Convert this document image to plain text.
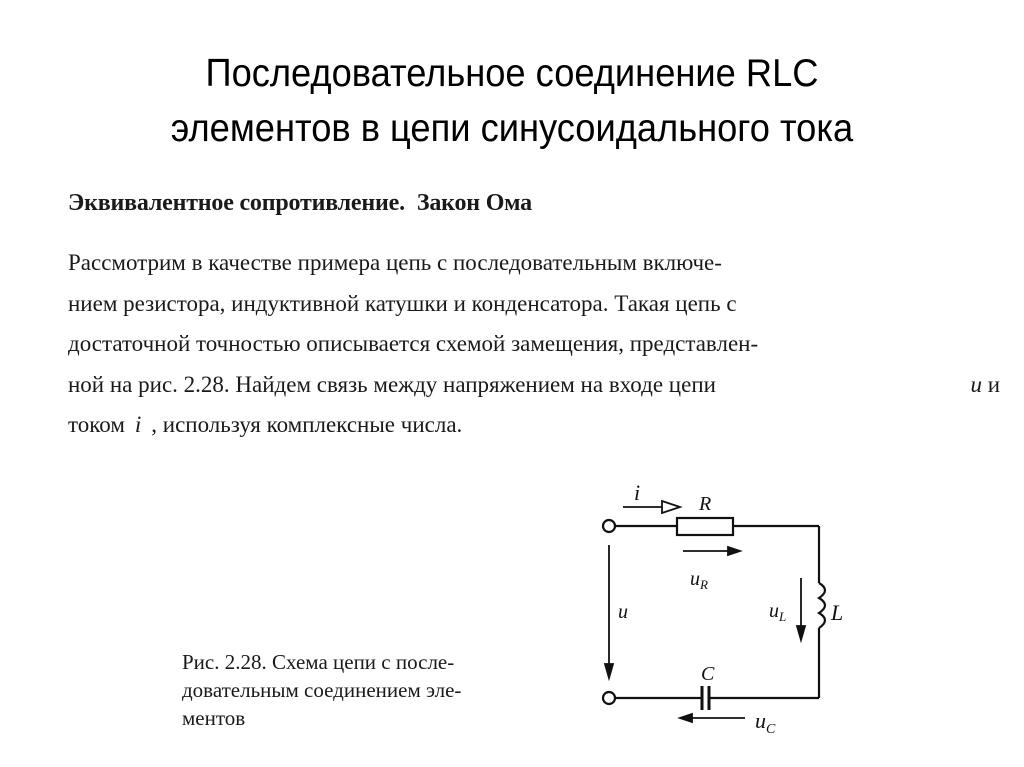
Последовательное соединение RLC
элементов в цепи синусоидального тока
Эквивалентное сопротивление. Закон Ома
Рассмотрим в качестве примера цепь с последовательным включе-
нием резистора, индуктивной катушки и конденсатора. Такая цепь с
достаточной точностью описывается схемой замещения, представлен-
ной на рис. 2.28. Найдем связь между напряжением на входе цепи	u и
током i , используя комплексные числа.
Рис. 2.28. Схема цепи с после-
довательным соединением эле-
ментов
i	R
$u_R$
u	$u_L$ L
C
$u_C$
